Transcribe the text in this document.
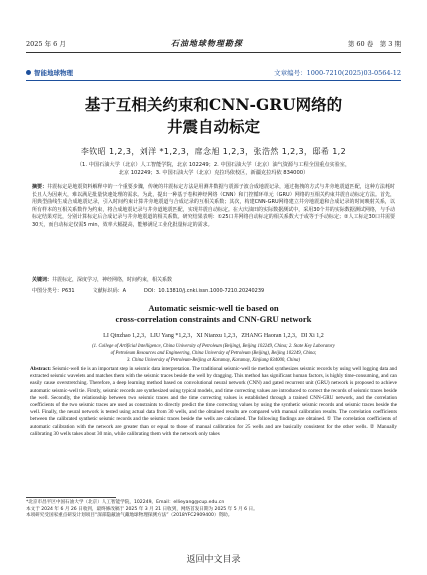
2025 年 6 月	石油地球物理勘探	第 60 卷　第 3 期
智能地球物理	文章编号：1000-7210(2025)03-0564-12
基于互相关约束和CNN-GRU网络的
井震自动标定
李钦昭 1,2,3，刘洋 *1,2,3，席念旭 1,2,3，张浩然 1,2,3，邸希 1,2
（1. 中国石油大学（北京）人工智能学院，北京 102249；2. 中国石油大学（北京）油气资源与工程全国重点实验室，
北京 102249；3. 中国石油大学（北京）克拉玛依校区，新疆克拉玛依 834000）
摘要：井震标定是地震资料解释中的一个重要步骤，传统的井震标定方法是用测井数据与震源子波合成地震记录，通过拖拽的方式与井旁地震道匹配，这种方法耗时长且人为因素大，难以满足批量快速处理的需求。为此，提出一种基于卷积神经网络（CNN）和门控循环单元（GRU）网络的互相关约束井震自动标定方法。首先，用典型曲线生成合成地震记录，引入时间约束计算井旁地震道与合成记录的互相关系数；其次，构建CNN-GRU网络建立井旁地震道和合成记录的时间映射关系，以所有样本的互相关系数作为约束，将合成地震记录与井旁道地震匹配，实现井震自动标定。在大庆油田的实际数据测试中，采用30个井的实际数据测试网络，与手动标定结果对比，分别计算标定后合成记录与井旁地震道的相关系数。研究结果表明：①25口井网络自动标定的相关系数大于或等于手动标定；②人工标定30口井需要30天，而自动标定仅需5 min，效率大幅提高，能够满足工业化批量标定的需求。
关键词：井震标定，深度学习，神经网络，时间约束，相关系数
中图分类号：P631	文献标识码：A	DOI：10.13810/j.cnki.issn.1000-7210.20240239
Automatic seismic-well tie based on
cross-correlation constraints and CNN-GRU network
LI Qinzhao 1,2,3，LIU Yang *1,2,3，XI Nianxu 1,2,3，ZHANG Haoran 1,2,3，DI Xi 1,2
(1. College of Artificial Intelligence, China University of Petroleum (Beijing), Beijing 102249, China; 2. State Key Laboratory
of Petroleum Resources and Engineering, China University of Petroleum (Beijing), Beijing 102249, China;
3. China University of Petroleum-Beijing at Karamay, Karamay, Xinjiang 834000, China)
Abstract: Seismic-well tie is an important step in seismic data interpretation. The traditional seismic-well tie method synthesizes seismic records by using well logging data and extracted seismic wavelets and matches them with the seismic traces beside the well by dragging. This method has significant human factors, is highly time-consuming, and can easily cause overstretching. Therefore, a deep learning method based on convolutional neural network (CNN) and gated recurrent unit (GRU) network is proposed to achieve automatic seismic-well tie. Firstly, seismic records are synthesized using typical models, and time correcting values are introduced to correct the records of seismic traces beside the well. Secondly, the relationship between two seismic traces and the time correcting values is established through a trained CNN-GRU network, and the correlation coefficients of the two seismic traces are used as constraints to directly predict the time correcting values by using the synthetic seismic records and seismic traces beside the well. Finally, the neural network is tested using actual data from 30 wells, and the obtained results are compared with manual calibration results. The correlation coefficients between the calibrated synthetic seismic records and the seismic traces beside the wells are calculated. The following findings are obtained. ① The correlation coefficients of automatic calibration with the network are greater than or equal to those of manual calibration for 25 wells and are basically consistent for the other wells. ② Manually calibrating 30 wells takes about 30 min, while calibrating them with the network only takes
*北京市昌平区中国石油大学（北京）人工智能学院，102249。Email：ellieyang@cup.edu.cn
本文于 2024 年 6 月 26 日收到，最终修改稿于 2025 年 3 月 21 日收到，网络首发日期为 2025 年 5 月 6 日。
本项研究受国家重点研发计划项目“深部隐蔽油气藏地球物理探测方法”（2018YFC2909400）资助。
返回中文目录
